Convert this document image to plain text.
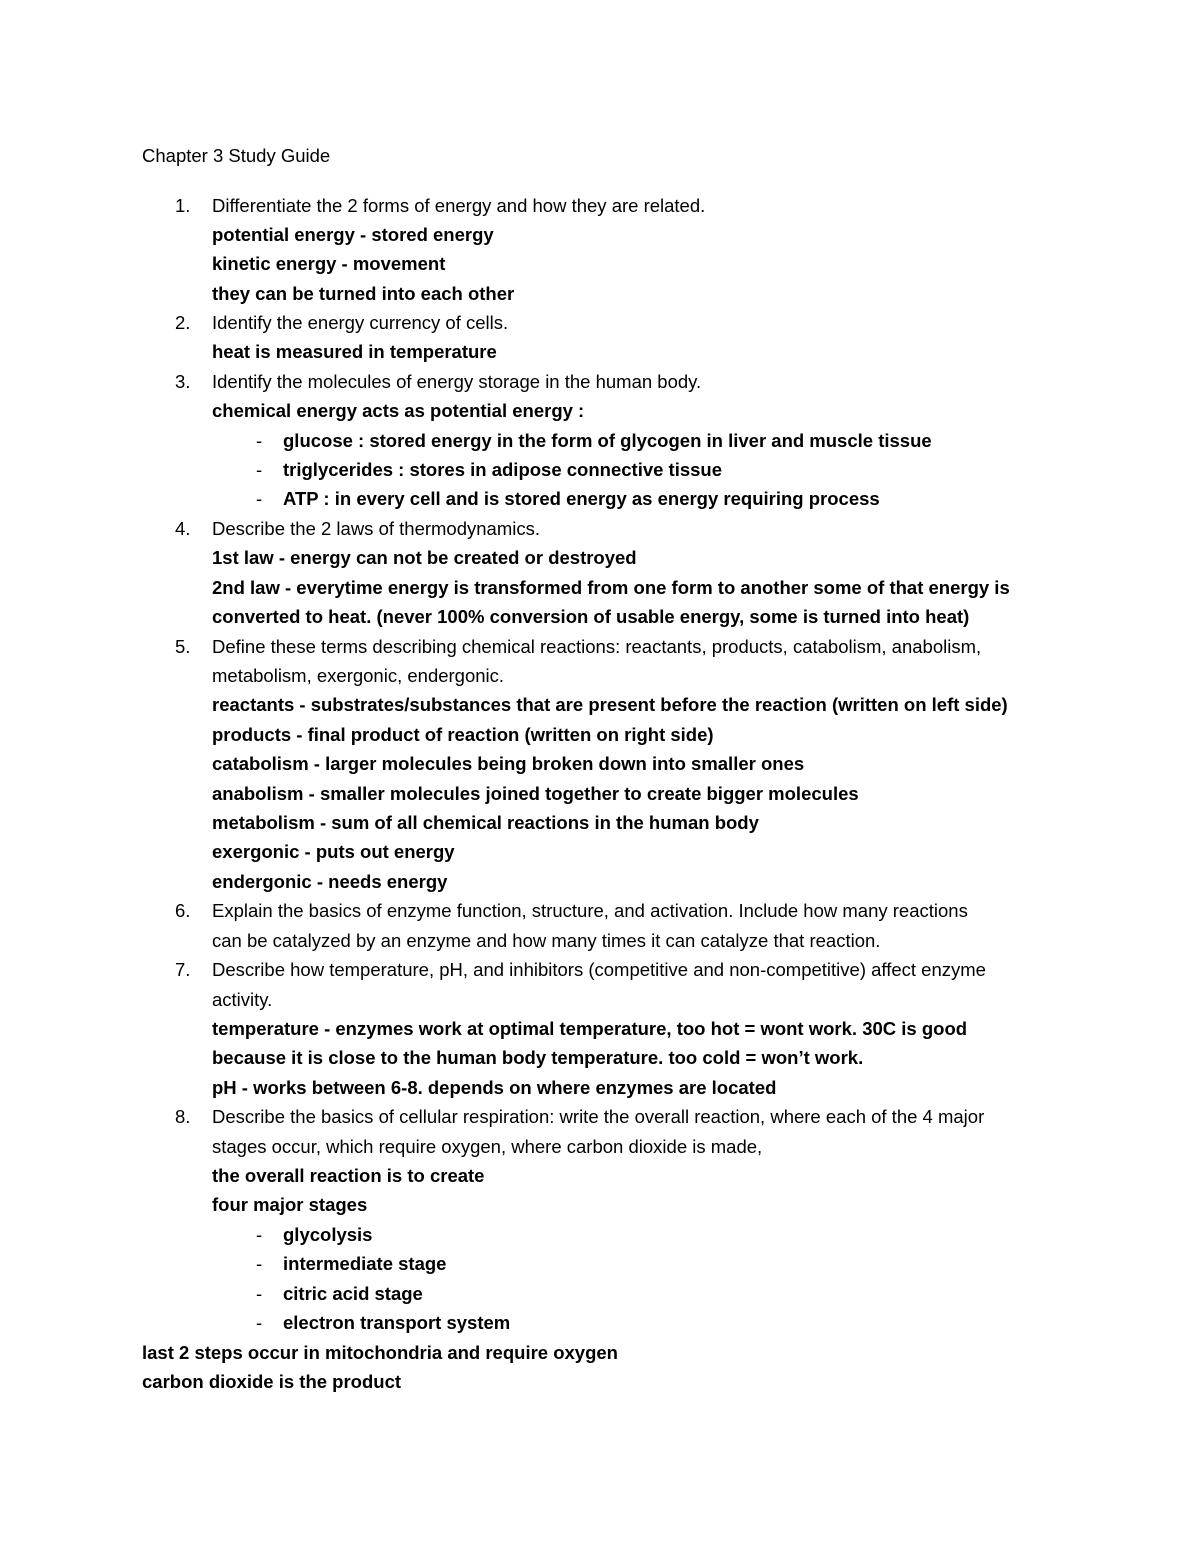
Chapter 3 Study Guide
1. Differentiate the 2 forms of energy and how they are related.
potential energy - stored energy
kinetic energy - movement
they can be turned into each other
2. Identify the energy currency of cells.
heat is measured in temperature
3. Identify the molecules of energy storage in the human body.
chemical energy acts as potential energy :
- glucose : stored energy in the form of glycogen in liver and muscle tissue
- triglycerides : stores in adipose connective tissue
- ATP : in every cell and is stored energy as energy requiring process
4. Describe the 2 laws of thermodynamics.
1st law - energy can not be created or destroyed
2nd law - everytime energy is transformed from one form to another some of that energy is
converted to heat. (never 100% conversion of usable energy, some is turned into heat)
5. Define these terms describing chemical reactions: reactants, products, catabolism, anabolism,
metabolism, exergonic, endergonic.
reactants - substrates/substances that are present before the reaction (written on left side)
products - final product of reaction (written on right side)
catabolism - larger molecules being broken down into smaller ones
anabolism - smaller molecules joined together to create bigger molecules
metabolism - sum of all chemical reactions in the human body
exergonic - puts out energy
endergonic - needs energy
6. Explain the basics of enzyme function, structure, and activation. Include how many reactions
can be catalyzed by an enzyme and how many times it can catalyze that reaction.
7. Describe how temperature, pH, and inhibitors (competitive and non-competitive) affect enzyme
activity.
temperature - enzymes work at optimal temperature, too hot = wont work. 30C is good
because it is close to the human body temperature. too cold = won’t work.
pH - works between 6-8. depends on where enzymes are located
8. Describe the basics of cellular respiration: write the overall reaction, where each of the 4 major
stages occur, which require oxygen, where carbon dioxide is made,
the overall reaction is to create
four major stages
- glycolysis
- intermediate stage
- citric acid stage
- electron transport system
last 2 steps occur in mitochondria and require oxygen
carbon dioxide is the product
